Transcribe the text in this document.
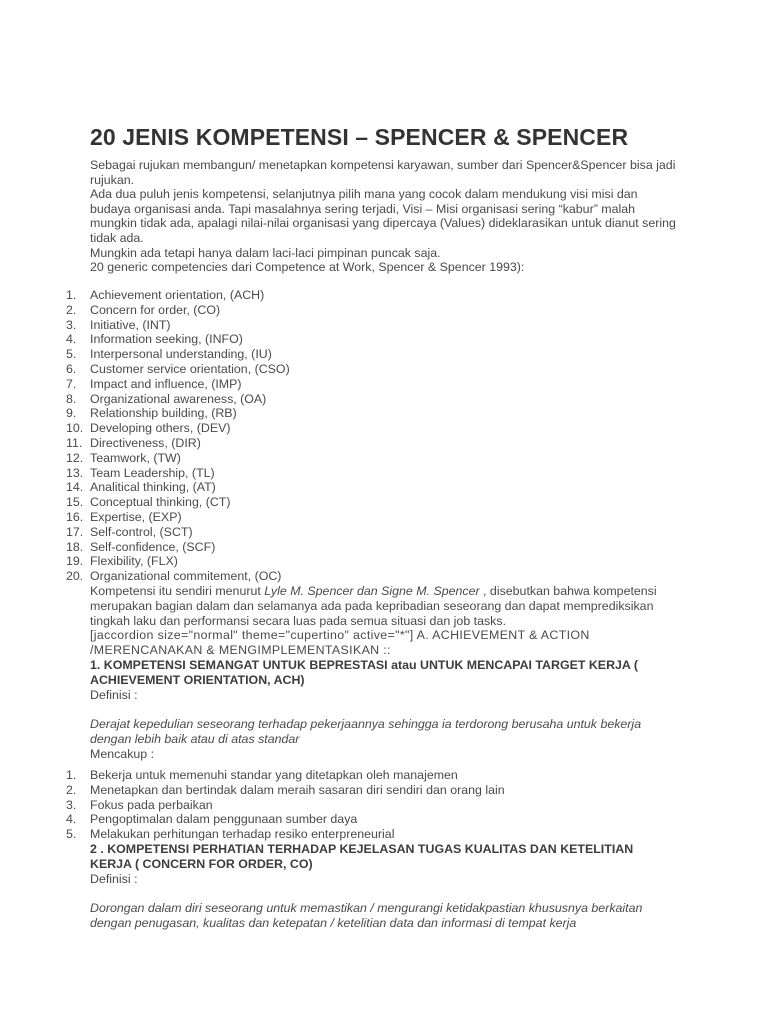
20 JENIS KOMPETENSI – SPENCER & SPENCER

Sebagai rujukan membangun/ menetapkan kompetensi karyawan, sumber dari Spencer&Spencer bisa jadi rujukan.

Ada dua puluh jenis kompetensi, selanjutnya pilih mana yang cocok dalam mendukung visi misi dan budaya organisasi anda. Tapi masalahnya sering terjadi, Visi – Misi organisasi sering “kabur” malah mungkin tidak ada, apalagi nilai-nilai organisasi yang dipercaya (Values) dideklarasikan untuk dianut sering tidak ada.

Mungkin ada tetapi hanya dalam laci-laci pimpinan puncak saja.

20 generic competencies dari Competence at Work, Spencer & Spencer 1993):

1. Achievement orientation, (ACH)
2. Concern for order, (CO)
3. Initiative, (INT)
4. Information seeking, (INFO)
5. Interpersonal understanding, (IU)
6. Customer service orientation, (CSO)
7. Impact and influence, (IMP)
8. Organizational awareness, (OA)
9. Relationship building, (RB)
10. Developing others, (DEV)
11. Directiveness, (DIR)
12. Teamwork, (TW)
13. Team Leadership, (TL)
14. Analitical thinking, (AT)
15. Conceptual thinking, (CT)
16. Expertise, (EXP)
17. Self-control, (SCT)
18. Self-confidence, (SCF)
19. Flexibility, (FLX)
20. Organizational commitement, (OC)

Kompetensi itu sendiri menurut Lyle M. Spencer dan Signe M. Spencer , disebutkan bahwa kompetensi merupakan bagian dalam dan selamanya ada pada kepribadian seseorang dan dapat memprediksikan tingkah laku dan performansi secara luas pada semua situasi dan job tasks.

[jaccordion size="normal" theme="cupertino" active="*"] A. ACHIEVEMENT & ACTION /MERENCANAKAN & MENGIMPLEMENTASIKAN ::

1. KOMPETENSI SEMANGAT UNTUK BEPRESTASI atau UNTUK MENCAPAI TARGET KERJA ( ACHIEVEMENT ORIENTATION, ACH)

Definisi :

Derajat kepedulian seseorang terhadap pekerjaannya sehingga ia terdorong berusaha untuk bekerja dengan lebih baik atau di atas standar

Mencakup :

1. Bekerja untuk memenuhi standar yang ditetapkan oleh manajemen
2. Menetapkan dan bertindak dalam meraih sasaran diri sendiri dan orang lain
3. Fokus pada perbaikan
4. Pengoptimalan dalam penggunaan sumber daya
5. Melakukan perhitungan terhadap resiko enterpreneurial

2 . KOMPETENSI PERHATIAN TERHADAP KEJELASAN TUGAS KUALITAS DAN KETELITIAN KERJA ( CONCERN FOR ORDER, CO)

Definisi :

Dorongan dalam diri seseorang untuk memastikan / mengurangi ketidakpastian khususnya berkaitan dengan penugasan, kualitas dan ketepatan / ketelitian data dan informasi di tempat kerja
